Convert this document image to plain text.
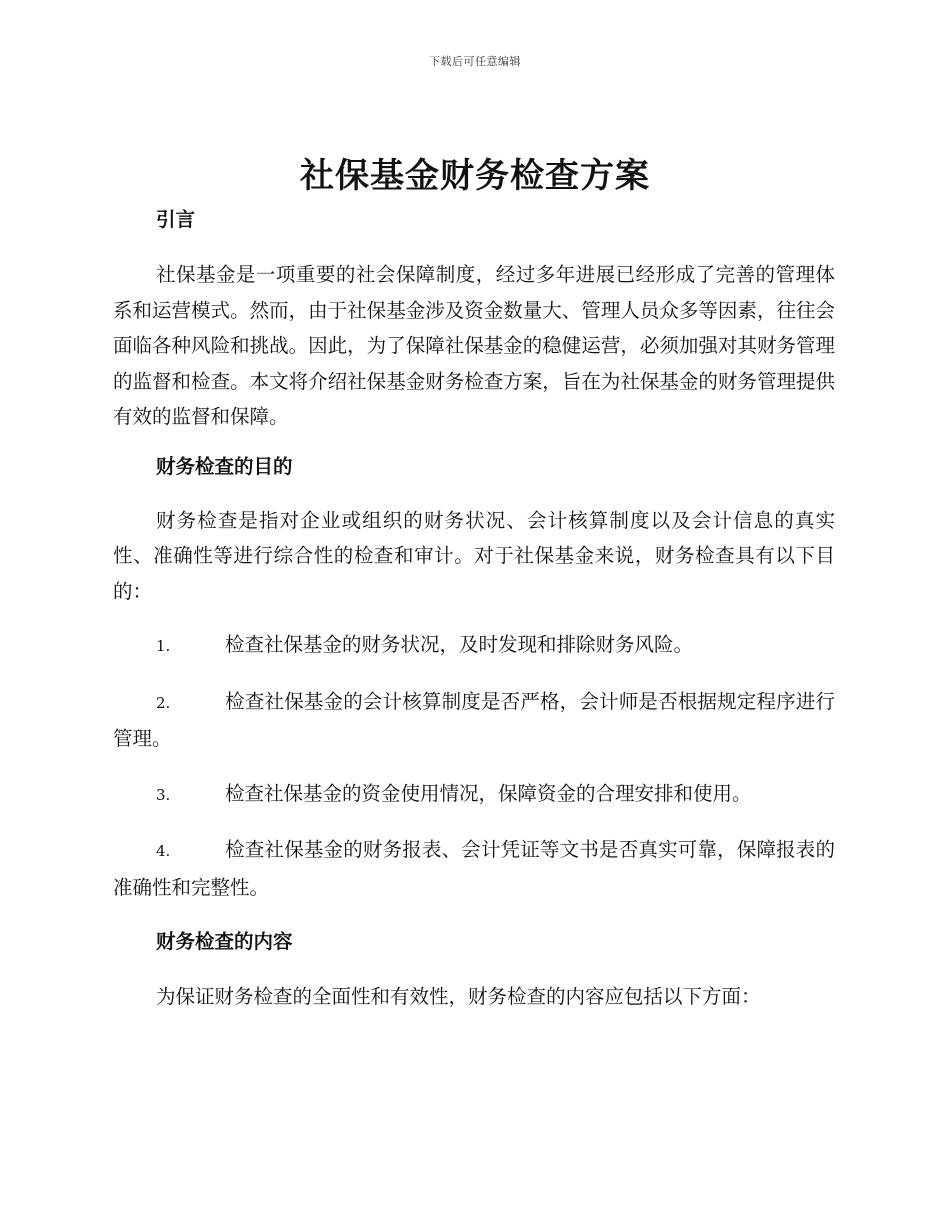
下载后可任意编辑
社保基金财务检查方案
引言

社保基金是一项重要的社会保障制度，经过多年进展已经形成了完善的管理体系和运营模式。然而，由于社保基金涉及资金数量大、管理人员众多等因素，往往会面临各种风险和挑战。因此，为了保障社保基金的稳健运营，必须加强对其财务管理的监督和检查。本文将介绍社保基金财务检查方案，旨在为社保基金的财务管理提供有效的监督和保障。

财务检查的目的

财务检查是指对企业或组织的财务状况、会计核算制度以及会计信息的真实性、准确性等进行综合性的检查和审计。对于社保基金来说，财务检查具有以下目的：

1.	检查社保基金的财务状况，及时发现和排除财务风险。

2.	检查社保基金的会计核算制度是否严格，会计师是否根据规定程序进行管理。

3.	检查社保基金的资金使用情况，保障资金的合理安排和使用。

4.	检查社保基金的财务报表、会计凭证等文书是否真实可靠，保障报表的准确性和完整性。

财务检查的内容

为保证财务检查的全面性和有效性，财务检查的内容应包括以下方面：
